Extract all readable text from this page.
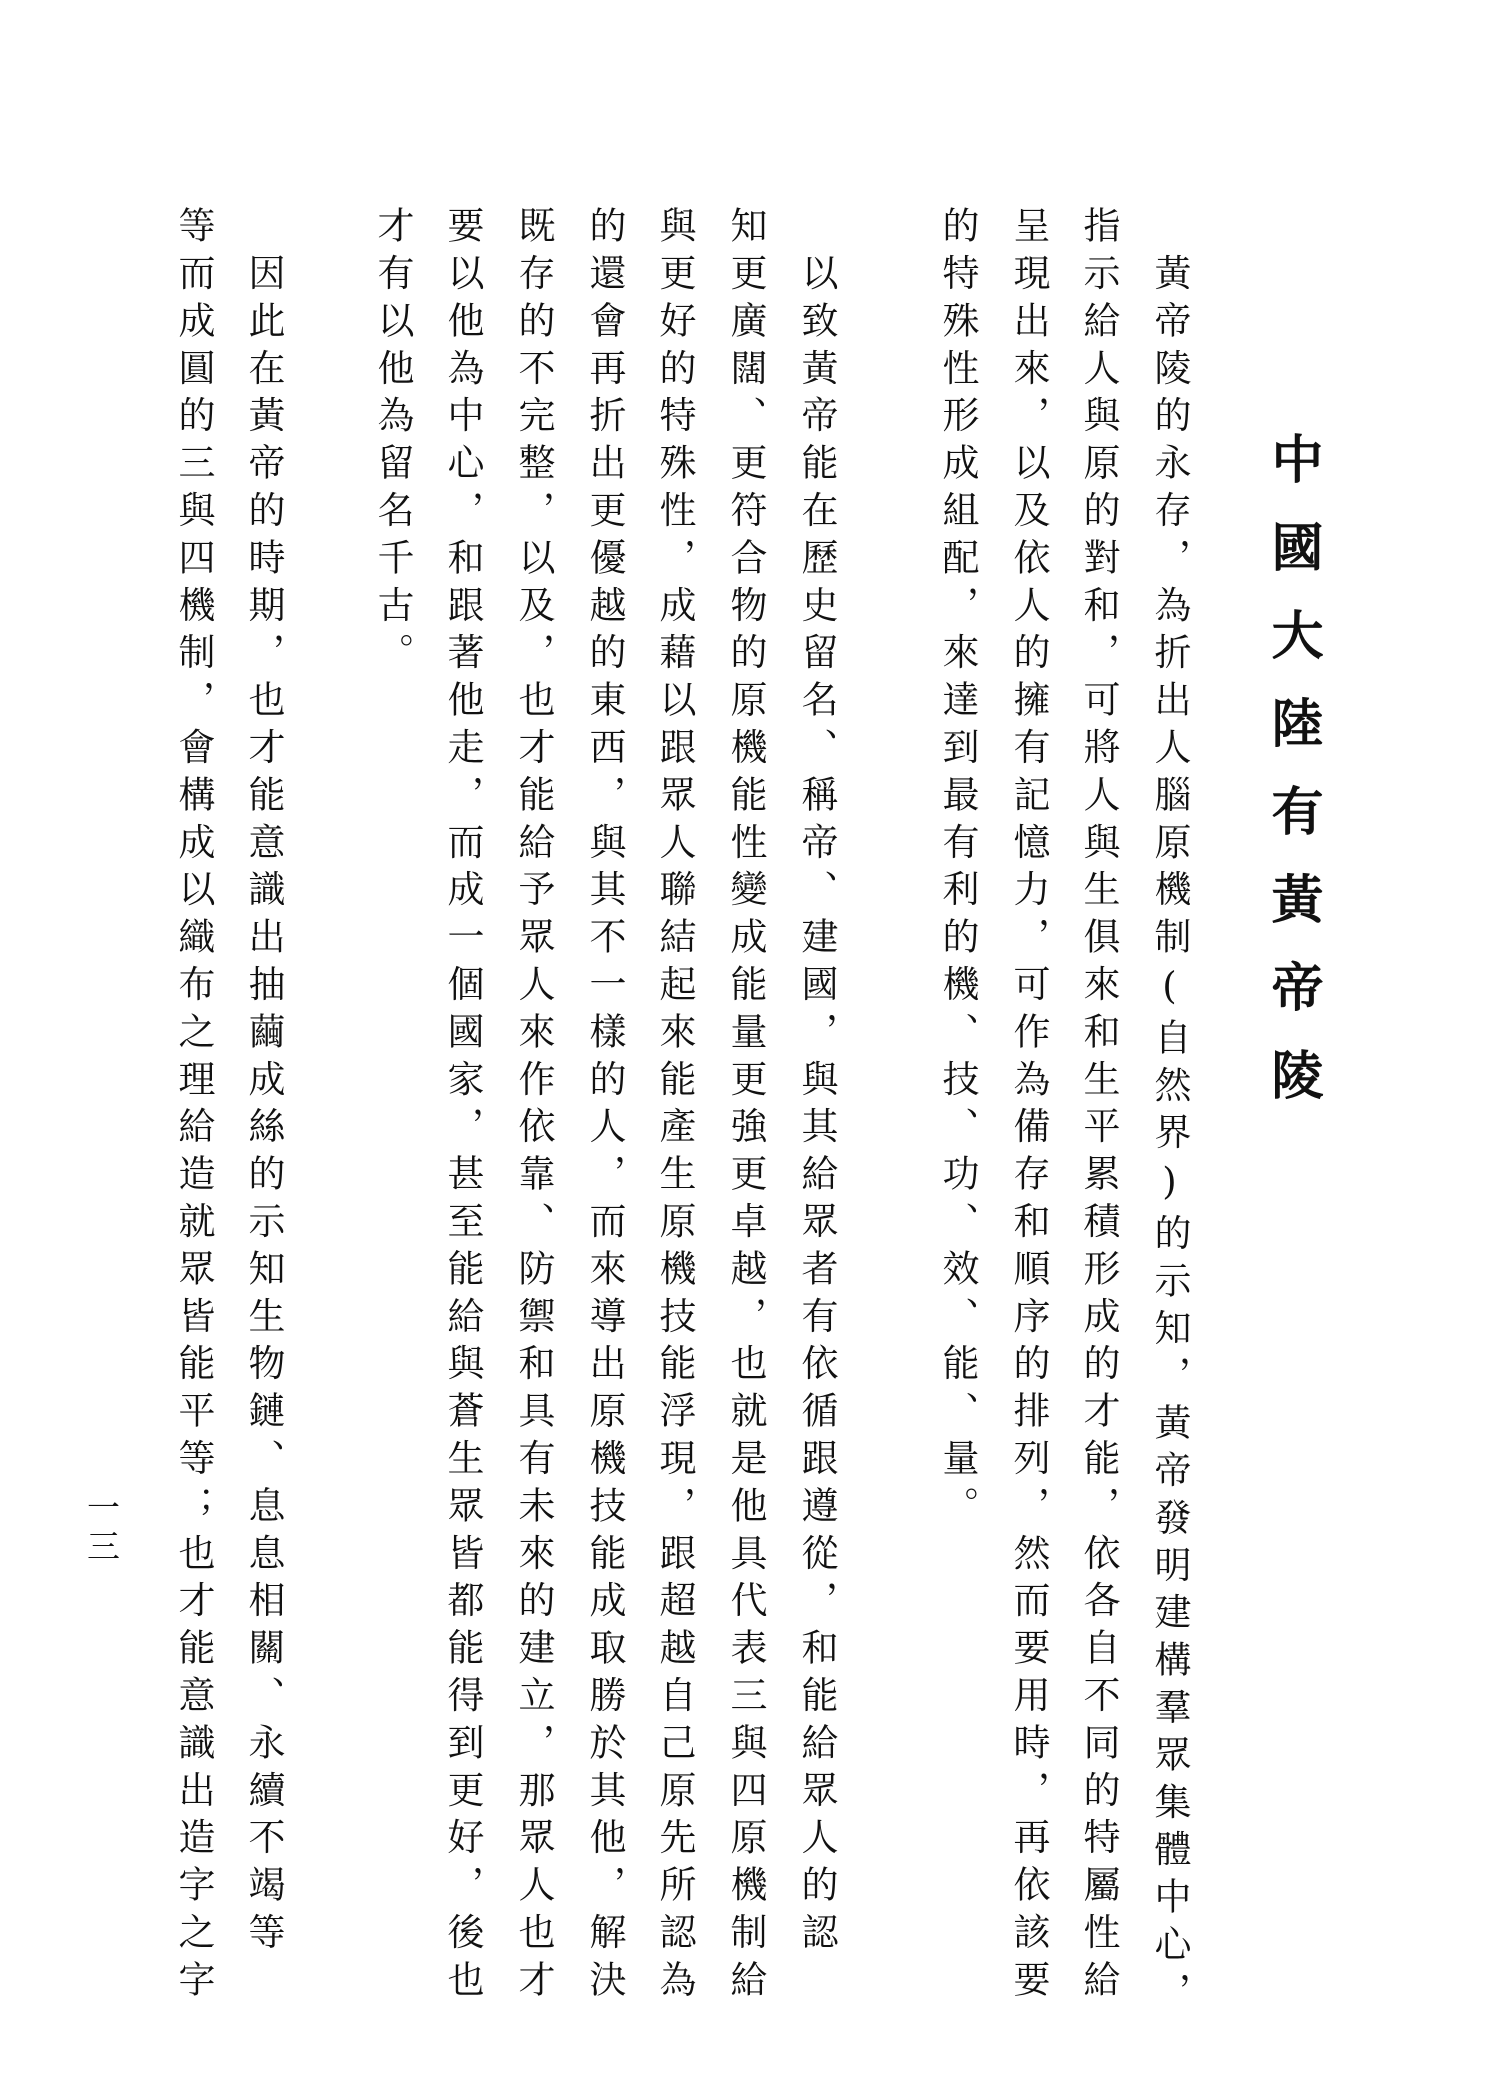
中國大陸有黃帝陵
　黃帝陵的永存，為折出人腦原機制(自然界)的示知，黃帝發明建構羣眾集體中心，
指示給人與原的對和，可將人與生俱來和生平累積形成的才能，依各自不同的特屬性給
呈現出來，以及依人的擁有記憶力，可作為備存和順序的排列，然而要用時，再依該要
的特殊性形成組配，來達到最有利的機、技、功、效、能、量。
　以致黃帝能在歷史留名、稱帝、建國，與其給眾者有依循跟遵從，和能給眾人的認
知更廣闊、更符合物的原機能性變成能量更強更卓越，也就是他具代表三與四原機制給
與更好的特殊性，成藉以跟眾人聯結起來能產生原機技能浮現，跟超越自己原先所認為
的還會再折出更優越的東西，與其不一樣的人，而來導出原機技能成取勝於其他，解決
既存的不完整，以及，也才能給予眾人來作依靠、防禦和具有未來的建立，那眾人也才
要以他為中心，和跟著他走，而成一個國家，甚至能給與蒼生眾皆都能得到更好，後也
才有以他為留名千古。
　因此在黃帝的時期，也才能意識出抽繭成絲的示知生物鏈、息息相關、永續不竭等
等而成圓的三與四機制，會構成以織布之理給造就眾皆能平等；也才能意識出造字之字
一三
